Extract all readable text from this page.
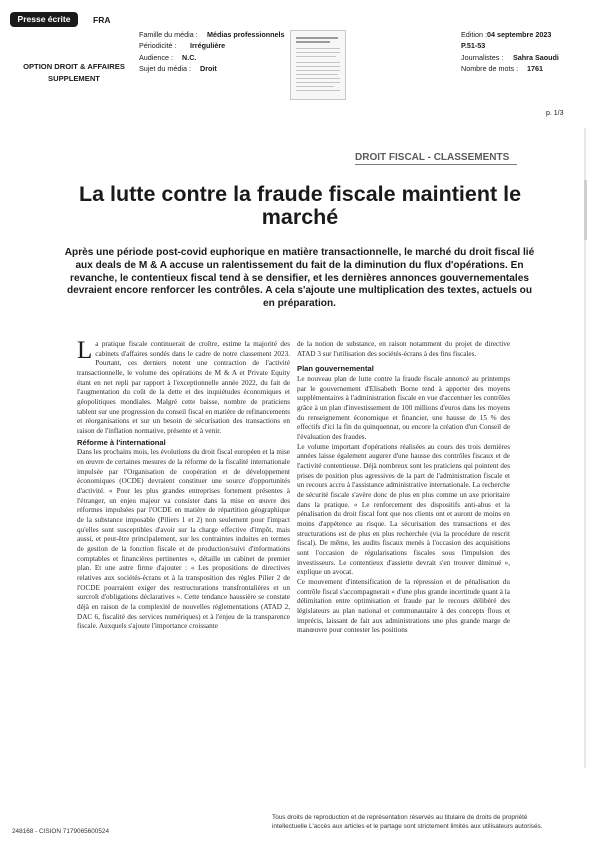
Presse écrite	FRA
OPTION DROIT & AFFAIRES SUPPLEMENT
Famille du média : Médias professionnels
Périodicité : Irrégulière
Audience : N.C.
Sujet du média : Droit
Edition :04 septembre 2023
P.51-53
Journalistes : Sahra Saoudi
Nombre de mots : 1761
p. 1/3
DROIT FISCAL - CLASSEMENTS
La lutte contre la fraude fiscale maintient le marché
Après une période post-covid euphorique en matière transactionnelle, le marché du droit fiscal lié aux deals de M & A accuse un ralentissement du fait de la diminution du flux d'opérations. En revanche, le contentieux fiscal tend à se densifier, et les dernières annonces gouvernementales devraient encore renforcer les contrôles. A cela s'ajoute une multiplication des textes, actuels ou en préparation.

La pratique fiscale continuerait de croître, estime la majorité des cabinets d'affaires sondés dans le cadre de notre classement 2023. Pourtant, ces derniers notent une contraction de l'activité transactionnelle, le volume des opérations de M & A et Private Equity étant en net repli par rapport à l'exceptionnelle année 2022, du fait de l'augmentation du coût de la dette et des inquiétudes économiques et géopolitiques mondiales. Malgré cette baisse, nombre de praticiens tablent sur une progression du conseil fiscal en matière de refinancements et réorganisations et sur un besoin de sécurisation des transactions en raison de l'inflation normative, présente et à venir.

Réforme à l'international

Dans les prochains mois, les évolutions du droit fiscal européen et la mise en œuvre de certaines mesures de la réforme de la fiscalité internationale impulsée par l'Organisation de coopération et de développement économiques (OCDE) devraient constituer une source d'opportunités d'activité. « Pour les plus grandes entreprises fortement présentes à l'étranger, un enjeu majeur va consister dans la mise en œuvre des réformes impulsées par l'OCDE en matière de répartition géographique de la substance imposable (Piliers 1 et 2) non seulement pour l'impact qu'elles sont susceptibles d'avoir sur la charge effective d'impôt, mais aussi, et peut-être principalement, sur les contraintes induites en termes de gestion de la fonction fiscale et de production/suivi d'informations comptables et financières pertinentes », détaille un cabinet de premier plan. Et une autre firme d'ajouter : « Les propositions de directives relatives aux sociétés-écrans et à la transposition des règles Pilier 2 de l'OCDE pourraient exiger des restructurations transfrontalières et un surcroît d'obligations déclaratives ». Cette tendance haussière se constate déjà en raison de la complexité de nouvelles réglementations (ATAD 2, DAC 6, fiscalité des services numériques) et à l'enjeu de la transparence fiscale. Auxquels s'ajoute l'importance croissante

de la notion de substance, en raison notamment du projet de directive ATAD 3 sur l'utilisation des sociétés-écrans à des fins fiscales.

Plan gouvernemental

Le nouveau plan de lutte contre la fraude fiscale annoncé au printemps par le gouvernement d'Elisabeth Borne tend à apporter des moyens supplémentaires à l'administration fiscale en vue d'accentuer les contrôles grâce à un plan d'investissement de 100 millions d'euros dans les moyens du renseignement économique et financier, une hausse de 15 % des effectifs d'ici la fin du quinquennat, ou encore la création d'un Conseil de l'évaluation des fraudes.

Le volume important d'opérations réalisées au cours des trois dernières années laisse également augurer d'une hausse des contrôles fiscaux et de l'activité contentieuse. Déjà nombreux sont les praticiens qui pointent des prises de position plus agressives de la part de l'administration fiscale et un recours accru à l'assistance administrative internationale. La recherche de sécurité fiscale s'avère donc de plus en plus comme un axe prioritaire dans la pratique. « Le renforcement des dispositifs anti-abus et la pénalisation du droit fiscal font que nos clients ont et auront de moins en moins d'appétence au risque. La sécurisation des transactions et des structurations est de plus en plus recherchée (via la procédure de rescrit fiscal). De même, les audits fiscaux menés à l'occasion des acquisitions sont l'occasion de régularisations fiscales sous l'impulsion des investisseurs. Le contentieux d'assiette devrait s'en trouver diminué », explique un avocat.

Ce mouvement d'intensification de la répression et de pénalisation du contrôle fiscal s'accompagnerait « d'une plus grande incertitude quant à la délimitation entre optimisation et fraude par le recours délibéré des législateurs au plan national et communautaire à des concepts flous et imprécis, laissant de fait aux administrations une plus grande marge de manœuvre pour contester les positions

248168 - CISION 7179065600524
Tous droits de reproduction et de représentation réservés au titulaire de droits de propriété intellectuelle L'accès aux articles et le partage sont strictement limités aux utilisateurs autorisés.
